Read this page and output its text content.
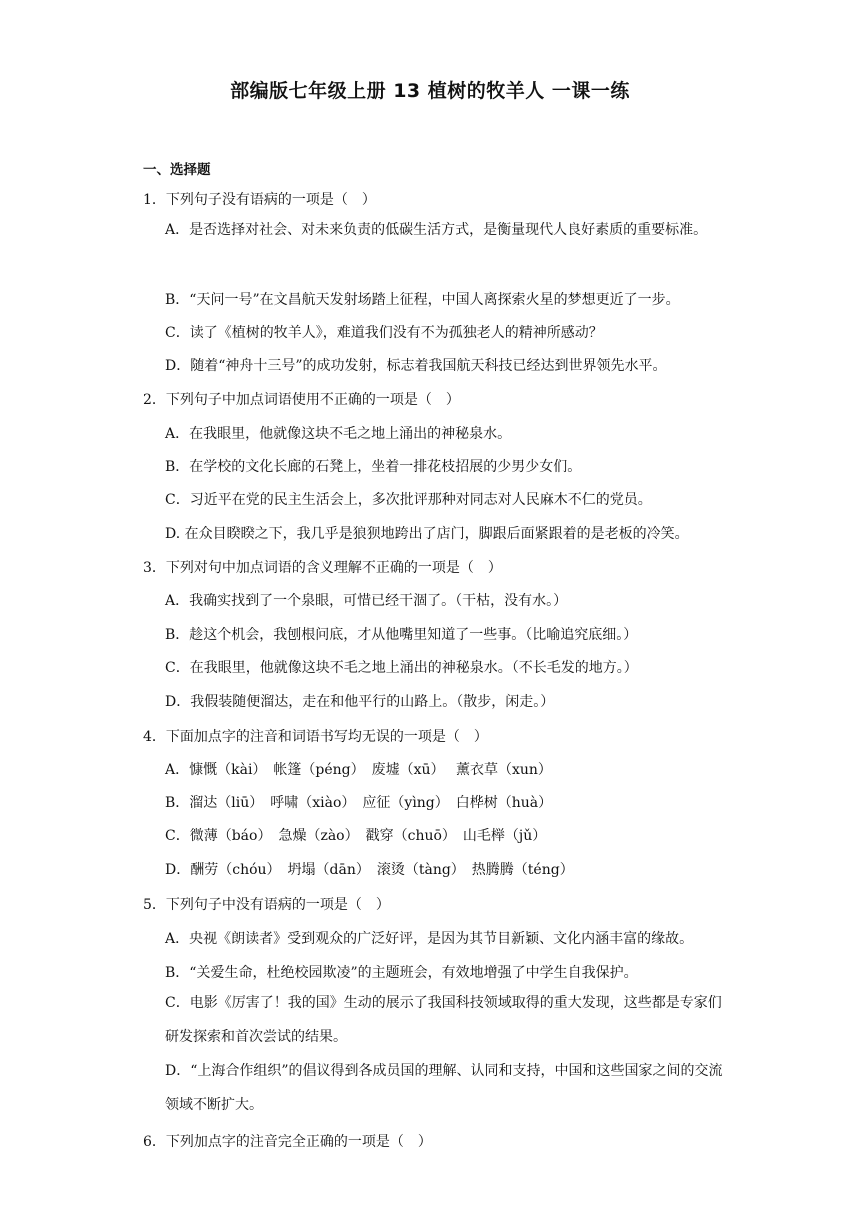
部编版七年级上册 13 植树的牧羊人 一课一练
一、选择题
1．下列句子没有语病的一项是（　）
A．是否选择对社会、对未来负责的低碳生活方式，是衡量现代人良好素质的重要标准。
B．“天问一号”在文昌航天发射场踏上征程，中国人离探索火星的梦想更近了一步。
C．读了《植树的牧羊人》，难道我们没有不为孤独老人的精神所感动？
D．随着“神舟十三号”的成功发射，标志着我国航天科技已经达到世界领先水平。
2．下列句子中加点词语使用不正确的一项是（　）
A．在我眼里，他就像这块不毛之地上涌出的神秘泉水。
B．在学校的文化长廊的石凳上，坐着一排花枝招展的少男少女们。
C．习近平在党的民主生活会上，多次批评那种对同志对人民麻木不仁的党员。
D. 在众目睽睽之下，我几乎是狼狈地跨出了店门，脚跟后面紧跟着的是老板的冷笑。
3．下列对句中加点词语的含义理解不正确的一项是（　）
A．我确实找到了一个泉眼，可惜已经干涸了。（干枯，没有水。）
B．趁这个机会，我刨根问底，才从他嘴里知道了一些事。（比喻追究底细。）
C．在我眼里，他就像这块不毛之地上涌出的神秘泉水。（不长毛发的地方。）
D．我假装随便溜达，走在和他平行的山路上。（散步，闲走。）
4．下面加点字的注音和词语书写均无误的一项是（　）
A．慷慨（kài）　帐篷（péng）　废墟（xū）　 薰衣草（xun）
B．溜达（liū）　呼啸（xiào）　应征（yìng）　白桦树（huà）
C．微薄（báo）　急燥（zào）　戳穿（chuō）　山毛榉（jǔ）
D．酬劳（chóu）　坍塌（dān）　滚烫（tàng）　热腾腾（téng）
5．下列句子中没有语病的一项是（　）
A．央视《朗读者》受到观众的广泛好评，是因为其节目新颖、文化内涵丰富的缘故。
B．“关爱生命，杜绝校园欺凌”的主题班会，有效地增强了中学生自我保护。
C．电影《厉害了！我的国》生动的展示了我国科技领域取得的重大发现，这些都是专家们研发探索和首次尝试的结果。
D．“上海合作组织”的倡议得到各成员国的理解、认同和支持，中国和这些国家之间的交流领域不断扩大。
6．下列加点字的注音完全正确的一项是（　）
